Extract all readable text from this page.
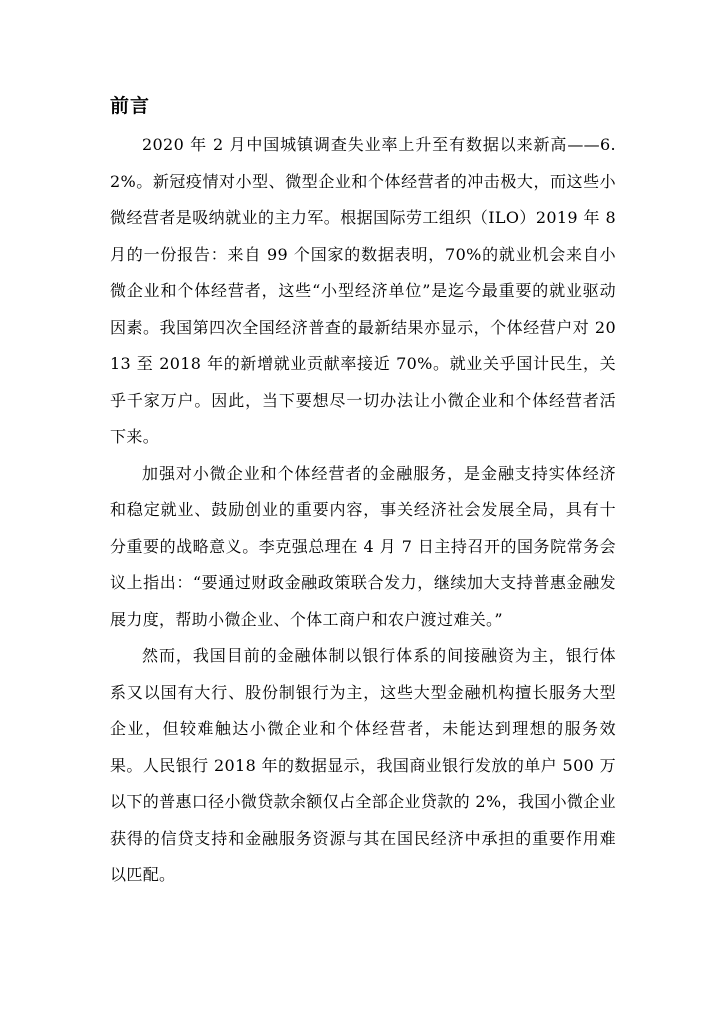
前言

2020 年 2 月中国城镇调查失业率上升至有数据以来新高——6.2%。新冠疫情对小型、微型企业和个体经营者的冲击极大，而这些小微经营者是吸纳就业的主力军。根据国际劳工组织（ILO）2019 年 8 月的一份报告：来自 99 个国家的数据表明，70%的就业机会来自小微企业和个体经营者，这些“小型经济单位”是迄今最重要的就业驱动因素。我国第四次全国经济普查的最新结果亦显示，个体经营户对 2013 至 2018 年的新增就业贡献率接近 70%。就业关乎国计民生，关乎千家万户。因此，当下要想尽一切办法让小微企业和个体经营者活下来。

加强对小微企业和个体经营者的金融服务，是金融支持实体经济和稳定就业、鼓励创业的重要内容，事关经济社会发展全局，具有十分重要的战略意义。李克强总理在 4 月 7 日主持召开的国务院常务会议上指出：“要通过财政金融政策联合发力，继续加大支持普惠金融发展力度，帮助小微企业、个体工商户和农户渡过难关。”

然而，我国目前的金融体制以银行体系的间接融资为主，银行体系又以国有大行、股份制银行为主，这些大型金融机构擅长服务大型企业，但较难触达小微企业和个体经营者，未能达到理想的服务效果。人民银行 2018 年的数据显示，我国商业银行发放的单户 500 万以下的普惠口径小微贷款余额仅占全部企业贷款的 2%，我国小微企业获得的信贷支持和金融服务资源与其在国民经济中承担的重要作用难以匹配。
